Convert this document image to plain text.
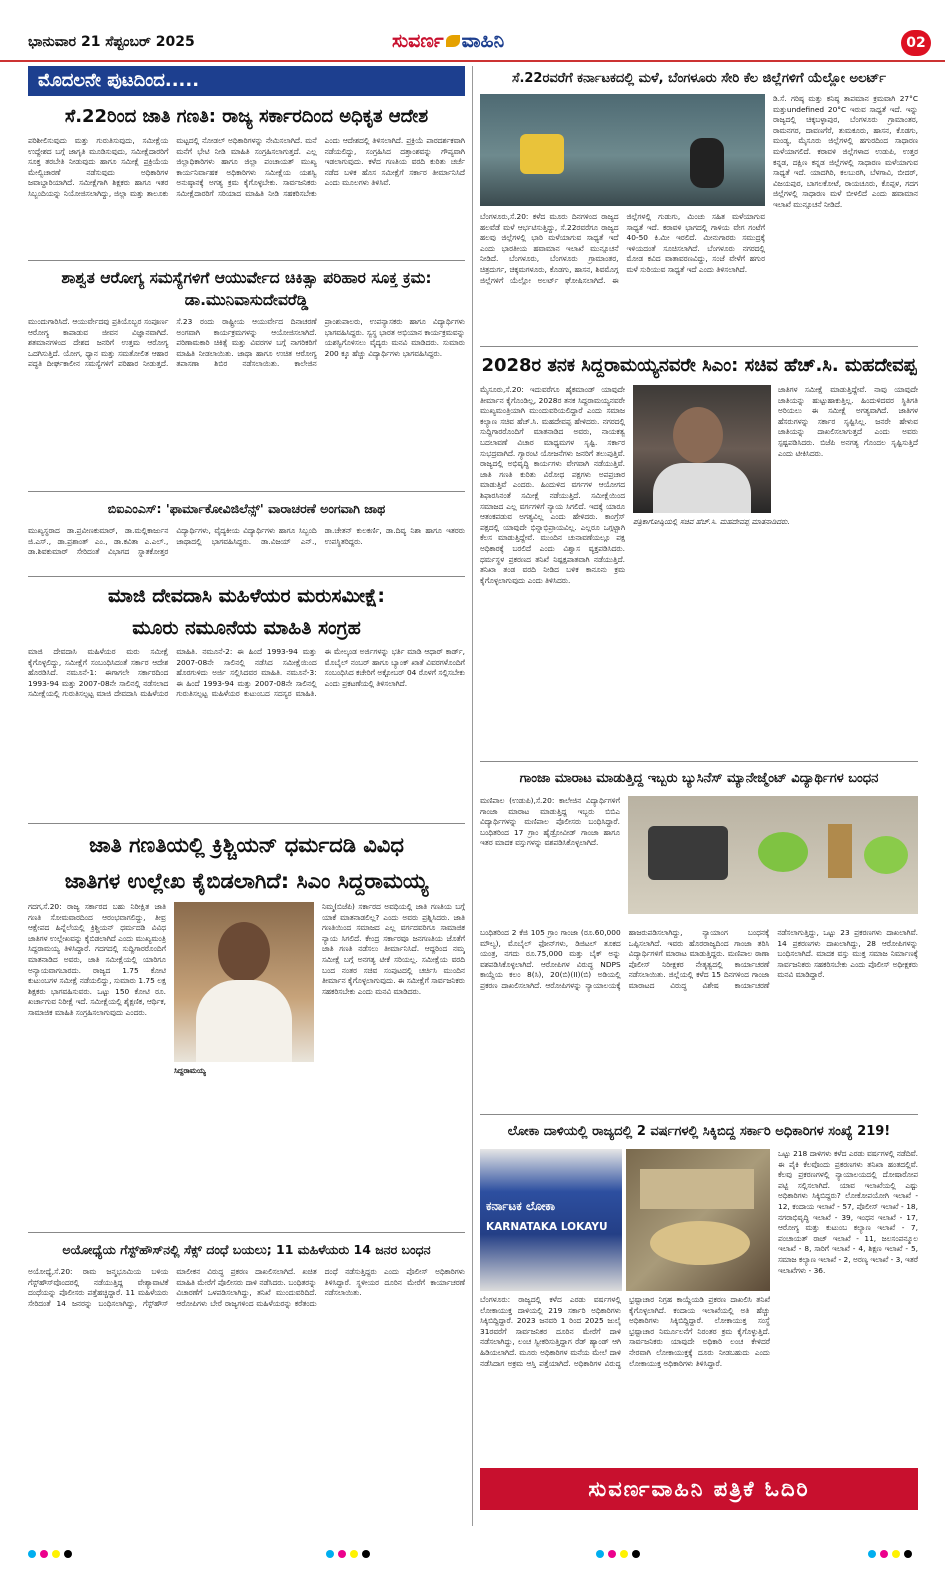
ಭಾನುವಾರ 21 ಸೆಪ್ಟಂಬರ್ 2025	ಸುವರ್ಣ ವಾಹಿನಿ	02
ಮೊದಲನೇ ಪುಟದಿಂದ.....
ಸೆ.22ರಿಂದ ಜಾತಿ ಗಣತಿ: ರಾಜ್ಯ ಸರ್ಕಾರದಿಂದ ಅಧಿಕೃತ ಆದೇಶ
ಪರಿಶೀಲಿಸುವುದು ಮತ್ತು ಗುರುತಿಸುವುದು, ಸಮೀಕ್ಷೆಯ ಉದ್ದೇಶದ ಬಗ್ಗೆ ಜಾಗೃತಿ ಮೂಡಿಸುವುದು, ಸಮೀಕ್ಷೆದಾರರಿಗೆ ಸೂಕ್ತ ತರಬೇತಿ ನೀಡುವುದು ಹಾಗೂ ಸಮೀಕ್ಷೆ ಪ್ರಕ್ರಿಯೆಯ ಮೇಲ್ವಿಚಾರಣೆ ನಡೆಸುವುದು ಅಧಿಕಾರಿಗಳ ಜವಾಬ್ದಾರಿಯಾಗಿದೆ. ಸಮೀಕ್ಷೆಗಾಗಿ ಶಿಕ್ಷಕರು ಹಾಗೂ ಇತರ ಸಿಬ್ಬಂದಿಯನ್ನು ನಿಯೋಜಿಸಲಾಗಿದ್ದು, ಜಿಲ್ಲಾ ಮತ್ತು ತಾಲೂಕು ಮಟ್ಟದಲ್ಲಿ ನೋಡಲ್ ಅಧಿಕಾರಿಗಳನ್ನು ನೇಮಿಸಲಾಗಿದೆ. ಮನೆ ಮನೆಗೆ ಭೇಟಿ ನೀಡಿ ಮಾಹಿತಿ ಸಂಗ್ರಹಿಸಲಾಗುತ್ತದೆ. ಎಲ್ಲ ಜಿಲ್ಲಾಧಿಕಾರಿಗಳು ಹಾಗೂ ಜಿಲ್ಲಾ ಪಂಚಾಯತ್ ಮುಖ್ಯ ಕಾರ್ಯನಿರ್ವಾಹಕ ಅಧಿಕಾರಿಗಳು ಸಮೀಕ್ಷೆಯ ಯಶಸ್ವಿ ಅನುಷ್ಠಾನಕ್ಕೆ ಅಗತ್ಯ ಕ್ರಮ ಕೈಗೊಳ್ಳಬೇಕು. ಸಾರ್ವಜನಿಕರು ಸಮೀಕ್ಷೆದಾರರಿಗೆ ಸರಿಯಾದ ಮಾಹಿತಿ ನೀಡಿ ಸಹಕರಿಸಬೇಕು ಎಂದು ಆದೇಶದಲ್ಲಿ ತಿಳಿಸಲಾಗಿದೆ. ಪ್ರಕ್ರಿಯೆ ಪಾರದರ್ಶಕವಾಗಿ ನಡೆಯಲಿದ್ದು, ಸಂಗ್ರಹಿಸಿದ ದತ್ತಾಂಶವನ್ನು ಗೌಪ್ಯವಾಗಿ ಇಡಲಾಗುವುದು. ಕಳೆದ ಗಣತಿಯ ವರದಿ ಕುರಿತು ಚರ್ಚೆ ನಡೆದ ಬಳಿಕ ಹೊಸ ಸಮೀಕ್ಷೆಗೆ ಸರ್ಕಾರ ತೀರ್ಮಾನಿಸಿದೆ ಎಂದು ಮೂಲಗಳು ತಿಳಿಸಿವೆ.
ಶಾಶ್ವತ ಆರೋಗ್ಯ ಸಮಸ್ಯೆಗಳಿಗೆ ಆಯುರ್ವೇದ ಚಿಕಿತ್ಸಾ ಪರಿಹಾರ ಸೂಕ್ತ ಕ್ರಮ: ಡಾ.ಮುನಿವಾಸುದೇವರೆಡ್ಡಿ
ಮುಂದುಗಾರಿಸಿದೆ. ಆಯುರ್ವೇದವು ಪ್ರತಿಯೊಬ್ಬರ ಸಂಪೂರ್ಣ ಆರೋಗ್ಯ ಕಾಪಾಡುವ ಜೀವನ ವಿಜ್ಞಾನವಾಗಿದೆ. ಶತಮಾನಗಳಿಂದ ದೇಶದ ಜನರಿಗೆ ಉತ್ತಮ ಆರೋಗ್ಯ ಒದಗಿಸುತ್ತಿದೆ. ಯೋಗ, ಧ್ಯಾನ ಮತ್ತು ಸಮತೋಲಿತ ಆಹಾರ ಪದ್ಧತಿ ದೀರ್ಘಕಾಲೀನ ಸಮಸ್ಯೆಗಳಿಗೆ ಪರಿಹಾರ ನೀಡುತ್ತದೆ. ಸೆ.23 ರಂದು ರಾಷ್ಟ್ರೀಯ ಆಯುರ್ವೇದ ದಿನಾಚರಣೆ ಅಂಗವಾಗಿ ಕಾರ್ಯಕ್ರಮಗಳನ್ನು ಆಯೋಜಿಸಲಾಗಿದೆ. ಪರಿಣಾಮಕಾರಿ ಚಿಕಿತ್ಸೆ ಮತ್ತು ವಿವರಗಳ ಬಗ್ಗೆ ನಾಗರಿಕರಿಗೆ ಮಾಹಿತಿ ನೀಡಲಾಯಿತು. ಜಾಥಾ ಹಾಗೂ ಉಚಿತ ಆರೋಗ್ಯ ತಪಾಸಣಾ ಶಿಬಿರ ನಡೆಸಲಾಯಿತು. ಕಾಲೇಜಿನ ಪ್ರಾಂಶುಪಾಲರು, ಉಪನ್ಯಾಸಕರು ಹಾಗೂ ವಿದ್ಯಾರ್ಥಿಗಳು ಭಾಗವಹಿಸಿದ್ದರು. ಸ್ವಸ್ಥ ಭಾರತ ಅಭಿಯಾನ ಕಾರ್ಯಕ್ರಮವನ್ನು ಯಶಸ್ವಿಗೊಳಿಸಲು ವೈದ್ಯರು ಮನವಿ ಮಾಡಿದರು. ಸುಮಾರು 200 ಕ್ಕೂ ಹೆಚ್ಚು ವಿದ್ಯಾರ್ಥಿಗಳು ಭಾಗವಹಿಸಿದ್ದರು.
ಬಿಐಎಂಎಸ್: 'ಫಾರ್ಮಾಕೋವಿಜಿಲೆನ್ಸ್' ವಾರಾಚರಣೆ ಅಂಗವಾಗಿ ಜಾಥ
ಮುಖ್ಯಸ್ಥರಾದ ಡಾ.ಪ್ರವೀಣಕುಮಾರ್, ಡಾ.ಮಲ್ಲಿಕಾರ್ಜುನ ಜಿ.ಎಸ್., ಡಾ.ಪ್ರಶಾಂತ್ ಎಂ., ಡಾ.ಕವಿತಾ ಎ.ಎಲ್., ಡಾ.ಶಿವಕುಮಾರ್ ಸೇರಿದಂತೆ ವಿಭಾಗದ ಸ್ನಾತಕೋತ್ತರ ವಿದ್ಯಾರ್ಥಿಗಳು, ವೈದ್ಯಕೀಯ ವಿದ್ಯಾರ್ಥಿಗಳು ಹಾಗೂ ಸಿಬ್ಬಂದಿ ಜಾಥಾದಲ್ಲಿ ಭಾಗವಹಿಸಿದ್ದರು. ಡಾ.ವಿಜಯ್ ಎನ್., ಡಾ.ಚೇತನ್ ಕುಲಕರ್ಣಿ, ಡಾ.ದಿವ್ಯ ನಿಶಾ ಹಾಗೂ ಇತರರು ಉಪಸ್ಥಿತರಿದ್ದರು.
ಮಾಜಿ ದೇವದಾಸಿ ಮಹಿಳೆಯರ ಮರುಸಮೀಕ್ಷೆ:
ಮೂರು ನಮೂನೆಯ ಮಾಹಿತಿ ಸಂಗ್ರಹ
ಮಾಜಿ ದೇವದಾಸಿ ಮಹಿಳೆಯರ ಮರು ಸಮೀಕ್ಷೆ ಕೈಗೊಳ್ಳಲಿದ್ದು, ಸಮೀಕ್ಷೆಗೆ ಸಂಬಂಧಿಸಿದಂತೆ ಸರ್ಕಾರ ಆದೇಶ ಹೊರಡಿಸಿದೆ. ನಮೂನೆ-1: ಈಗಾಗಲೇ ಸರ್ಕಾರದಿಂದ 1993-94 ಮತ್ತು 2007-08ನೇ ಸಾಲಿನಲ್ಲಿ ನಡೆಸಲಾದ ಸಮೀಕ್ಷೆಯಲ್ಲಿ ಗುರುತಿಸಲ್ಪಟ್ಟ ಮಾಜಿ ದೇವದಾಸಿ ಮಹಿಳೆಯರ ಮಾಹಿತಿ. ನಮೂನೆ-2: ಈ ಹಿಂದೆ 1993-94 ಮತ್ತು 2007-08ನೇ ಸಾಲಿನಲ್ಲಿ ನಡೆಸಿದ ಸಮೀಕ್ಷೆಯಿಂದ ಹೊರಗುಳಿದು ಅರ್ಜಿ ಸಲ್ಲಿಸಿದವರ ಮಾಹಿತಿ. ನಮೂನೆ-3: ಈ ಹಿಂದೆ 1993-94 ಮತ್ತು 2007-08ನೇ ಸಾಲಿನಲ್ಲಿ ಗುರುತಿಸಲ್ಪಟ್ಟ ಮಹಿಳೆಯರ ಕುಟುಂಬದ ಸದಸ್ಯರ ಮಾಹಿತಿ. ಈ ಮೇಲ್ಕಂಡ ಅರ್ಜಿಗಳನ್ನು ಭರ್ತಿ ಮಾಡಿ ಆಧಾರ್ ಕಾರ್ಡ್, ಮೊಬೈಲ್ ನಂಬರ್ ಹಾಗೂ ಬ್ಯಾಂಕ್ ಖಾತೆ ವಿವರಗಳೊಂದಿಗೆ ಸಂಬಂಧಿಸಿದ ಕಚೇರಿಗೆ ಅಕ್ಟೋಬರ್ 04 ರೊಳಗೆ ಸಲ್ಲಿಸಬೇಕು ಎಂದು ಪ್ರಕಟಣೆಯಲ್ಲಿ ತಿಳಿಸಲಾಗಿದೆ.
ಜಾತಿ ಗಣತಿಯಲ್ಲಿ ಕ್ರಿಶ್ಚಿಯನ್ ಧರ್ಮದಡಿ ವಿವಿಧ
ಜಾತಿಗಳ ಉಲ್ಲೇಖ ಕೈಬಿಡಲಾಗಿದೆ: ಸಿಎಂ ಸಿದ್ದರಾಮಯ್ಯ
ಗದಗ,ಸೆ.20: ರಾಜ್ಯ ಸರ್ಕಾರದ ಬಹು ನಿರೀಕ್ಷಿತ ಜಾತಿ ಗಣತಿ ಸೋಮವಾರದಿಂದ ಆರಂಭವಾಗಲಿದ್ದು, ತೀವ್ರ ಆಕ್ಷೇಪದ ಹಿನ್ನೆಲೆಯಲ್ಲಿ ಕ್ರಿಶ್ಚಿಯನ್ ಧರ್ಮದಡಿ ವಿವಿಧ ಜಾತಿಗಳ ಉಲ್ಲೇಖವನ್ನು ಕೈಬಿಡಲಾಗಿದೆ ಎಂದು ಮುಖ್ಯಮಂತ್ರಿ ಸಿದ್ದರಾಮಯ್ಯ ತಿಳಿಸಿದ್ದಾರೆ. ಗದಗದಲ್ಲಿ ಸುದ್ದಿಗಾರರೊಂದಿಗೆ ಮಾತನಾಡಿದ ಅವರು, ಜಾತಿ ಸಮೀಕ್ಷೆಯಲ್ಲಿ ಯಾರಿಗೂ ಅನ್ಯಾಯವಾಗಬಾರದು. ರಾಜ್ಯದ 1.75 ಕೋಟಿ ಕುಟುಂಬಗಳ ಸಮೀಕ್ಷೆ ನಡೆಯಲಿದ್ದು, ಸುಮಾರು 1.75 ಲಕ್ಷ ಶಿಕ್ಷಕರು ಭಾಗವಹಿಸುವರು. ಒಟ್ಟು 150 ಕೋಟಿ ರೂ. ಖರ್ಚಾಗುವ ನಿರೀಕ್ಷೆ ಇದೆ. ಸಮೀಕ್ಷೆಯಲ್ಲಿ ಶೈಕ್ಷಣಿಕ, ಆರ್ಥಿಕ, ಸಾಮಾಜಿಕ ಮಾಹಿತಿ ಸಂಗ್ರಹಿಸಲಾಗುವುದು ಎಂದರು.
ಸಿದ್ದರಾಮಯ್ಯ
ನಿಮ್ಮ(ಬಿಜೆಪಿ) ಸರ್ಕಾರದ ಅವಧಿಯಲ್ಲಿ ಜಾತಿ ಗಣತಿಯ ಬಗ್ಗೆ ಯಾಕೆ ಮಾತನಾಡಲಿಲ್ಲ? ಎಂದು ಅವರು ಪ್ರಶ್ನಿಸಿದರು. ಜಾತಿ ಗಣತಿಯಿಂದ ಸಮಾಜದ ಎಲ್ಲ ವರ್ಗದವರಿಗೂ ಸಾಮಾಜಿಕ ನ್ಯಾಯ ಸಿಗಲಿದೆ. ಕೇಂದ್ರ ಸರ್ಕಾರವೂ ಜನಗಣತಿಯ ಜೊತೆಗೆ ಜಾತಿ ಗಣತಿ ನಡೆಸಲು ತೀರ್ಮಾನಿಸಿದೆ. ಆದ್ದರಿಂದ ನಮ್ಮ ಸಮೀಕ್ಷೆ ಬಗ್ಗೆ ಅನಗತ್ಯ ಟೀಕೆ ಸರಿಯಲ್ಲ. ಸಮೀಕ್ಷೆಯ ವರದಿ ಬಂದ ನಂತರ ಸಚಿವ ಸಂಪುಟದಲ್ಲಿ ಚರ್ಚಿಸಿ ಮುಂದಿನ ತೀರ್ಮಾನ ಕೈಗೊಳ್ಳಲಾಗುವುದು. ಈ ಸಮೀಕ್ಷೆಗೆ ಸಾರ್ವಜನಿಕರು ಸಹಕರಿಸಬೇಕು ಎಂದು ಮನವಿ ಮಾಡಿದರು.
ಅಯೋಧ್ಯೆಯ ಗೆಸ್ಟ್‌ಹೌಸ್‌ನಲ್ಲಿ ಸೆಕ್ಸ್ ದಂಧೆ ಬಯಲು; 11 ಮಹಿಳೆಯರು 14 ಜನರ ಬಂಧನ
ಅಯೋಧ್ಯೆ,ಸೆ.20: ರಾಮ ಜನ್ಮಭೂಮಿಯ ಬಳಿಯ ಗೆಸ್ಟ್‌ಹೌಸ್‌ವೊಂದರಲ್ಲಿ ನಡೆಯುತ್ತಿದ್ದ ವೇಶ್ಯಾವಾಟಿಕೆ ದಂಧೆಯನ್ನು ಪೊಲೀಸರು ಪತ್ತೆಹಚ್ಚಿದ್ದಾರೆ. 11 ಮಹಿಳೆಯರು ಸೇರಿದಂತೆ 14 ಜನರನ್ನು ಬಂಧಿಸಲಾಗಿದ್ದು, ಗೆಸ್ಟ್‌ಹೌಸ್ ಮಾಲೀಕನ ವಿರುದ್ಧ ಪ್ರಕರಣ ದಾಖಲಿಸಲಾಗಿದೆ. ಖಚಿತ ಮಾಹಿತಿ ಮೇರೆಗೆ ಪೊಲೀಸರು ದಾಳಿ ನಡೆಸಿದರು. ಬಂಧಿತರನ್ನು ವಿಚಾರಣೆಗೆ ಒಳಪಡಿಸಲಾಗಿದ್ದು, ತನಿಖೆ ಮುಂದುವರಿದಿದೆ. ಆರೋಪಿಗಳು ಬೇರೆ ರಾಜ್ಯಗಳಿಂದ ಮಹಿಳೆಯರನ್ನು ಕರೆತಂದು ದಂಧೆ ನಡೆಸುತ್ತಿದ್ದರು ಎಂದು ಪೊಲೀಸ್ ಅಧಿಕಾರಿಗಳು ತಿಳಿಸಿದ್ದಾರೆ. ಸ್ಥಳೀಯರ ದೂರಿನ ಮೇರೆಗೆ ಕಾರ್ಯಾಚರಣೆ ನಡೆಸಲಾಯಿತು.
ಸೆ.22ರವರೆಗೆ ಕರ್ನಾಟಕದಲ್ಲಿ ಮಳೆ, ಬೆಂಗಳೂರು ಸೇರಿ ಕೆಲ ಜಿಲ್ಲೆಗಳಿಗೆ ಯೆಲ್ಲೋ ಅಲರ್ಟ್
ಬೆಂಗಳೂರು,ಸೆ.20: ಕಳೆದ ಮೂರು ದಿನಗಳಿಂದ ರಾಜ್ಯದ ಹಲವೆಡೆ ಮಳೆ ಆರ್ಭಟಿಸುತ್ತಿದ್ದು, ಸೆ.22ರವರೆಗೂ ರಾಜ್ಯದ ಹಲವು ಜಿಲ್ಲೆಗಳಲ್ಲಿ ಭಾರಿ ಮಳೆಯಾಗುವ ಸಾಧ್ಯತೆ ಇದೆ ಎಂದು ಭಾರತೀಯ ಹವಾಮಾನ ಇಲಾಖೆ ಮುನ್ಸೂಚನೆ ನೀಡಿದೆ. ಬೆಂಗಳೂರು, ಬೆಂಗಳೂರು ಗ್ರಾಮಾಂತರ, ಚಿತ್ರದುರ್ಗ, ಚಿಕ್ಕಮಗಳೂರು, ಕೊಡಗು, ಹಾಸನ, ಶಿವಮೊಗ್ಗ ಜಿಲ್ಲೆಗಳಿಗೆ ಯೆಲ್ಲೋ ಅಲರ್ಟ್ ಘೋಷಿಸಲಾಗಿದೆ. ಈ ಜಿಲ್ಲೆಗಳಲ್ಲಿ ಗುಡುಗು, ಮಿಂಚು ಸಹಿತ ಮಳೆಯಾಗುವ ಸಾಧ್ಯತೆ ಇದೆ. ಕರಾವಳಿ ಭಾಗದಲ್ಲಿ ಗಾಳಿಯ ವೇಗ ಗಂಟೆಗೆ 40-50 ಕಿ.ಮೀ ಇರಲಿದೆ. ಮೀನುಗಾರರು ಸಮುದ್ರಕ್ಕೆ ಇಳಿಯದಂತೆ ಸೂಚಿಸಲಾಗಿದೆ. ಬೆಂಗಳೂರು ನಗರದಲ್ಲಿ ಮೋಡ ಕವಿದ ವಾತಾವರಣವಿದ್ದು, ಸಂಜೆ ವೇಳೆಗೆ ಹಗುರ ಮಳೆ ಸುರಿಯುವ ಸಾಧ್ಯತೆ ಇದೆ ಎಂದು ತಿಳಿಸಲಾಗಿದೆ.
ಡಿ.ಸೆ. ಗರಿಷ್ಠ ಮತ್ತು ಕನಿಷ್ಠ ತಾಪಮಾನ ಕ್ರಮವಾಗಿ 27°C ಮತ್ತುundefined 20°C ಇರುವ ಸಾಧ್ಯತೆ ಇದೆ. ಇನ್ನು ರಾಜ್ಯದಲ್ಲಿ ಚಿಕ್ಕಬಳ್ಳಾಪುರ, ಬೆಂಗಳೂರು ಗ್ರಾಮಾಂತರ, ರಾಮನಗರ, ದಾವಣಗೆರೆ, ತುಮಕೂರು, ಹಾಸನ, ಕೊಡಗು, ಮಂಡ್ಯ, ಮೈಸೂರು ಜಿಲ್ಲೆಗಳಲ್ಲಿ ಹಗುರದಿಂದ ಸಾಧಾರಣ ಮಳೆಯಾಗಲಿದೆ. ಕರಾವಳಿ ಜಿಲ್ಲೆಗಳಾದ ಉಡುಪಿ, ಉತ್ತರ ಕನ್ನಡ, ದಕ್ಷಿಣ ಕನ್ನಡ ಜಿಲ್ಲೆಗಳಲ್ಲಿ ಸಾಧಾರಣ ಮಳೆಯಾಗುವ ಸಾಧ್ಯತೆ ಇದೆ. ಯಾದಗಿರಿ, ಕಲಬುರಗಿ, ಬೆಳಗಾವಿ, ಬೀದರ್, ವಿಜಯಪುರ, ಬಾಗಲಕೋಟೆ, ರಾಯಚೂರು, ಕೊಪ್ಪಳ, ಗದಗ ಜಿಲ್ಲೆಗಳಲ್ಲಿ ಸಾಧಾರಣ ಮಳೆ ಬೀಳಲಿದೆ ಎಂದು ಹವಾಮಾನ ಇಲಾಖೆ ಮುನ್ಸೂಚನೆ ನೀಡಿದೆ.
2028ರ ತನಕ ಸಿದ್ದರಾಮಯ್ಯನವರೇ ಸಿಎಂ: ಸಚಿವ ಹೆಚ್.ಸಿ. ಮಹದೇವಪ್ಪ
ಮೈಸೂರು,ಸೆ.20: ಇದುವರೆಗೂ ಹೈಕಮಾಂಡ್ ಯಾವುದೇ ತೀರ್ಮಾನ ಕೈಗೊಂಡಿಲ್ಲ, 2028ರ ತನಕ ಸಿದ್ದರಾಮಯ್ಯನವರೇ ಮುಖ್ಯಮಂತ್ರಿಯಾಗಿ ಮುಂದುವರಿಯಲಿದ್ದಾರೆ ಎಂದು ಸಮಾಜ ಕಲ್ಯಾಣ ಸಚಿವ ಹೆಚ್.ಸಿ. ಮಹದೇವಪ್ಪ ಹೇಳಿದರು. ನಗರದಲ್ಲಿ ಸುದ್ದಿಗಾರರೊಂದಿಗೆ ಮಾತನಾಡಿದ ಅವರು, ನಾಯಕತ್ವ ಬದಲಾವಣೆ ವಿಚಾರ ಮಾಧ್ಯಮಗಳ ಸೃಷ್ಟಿ. ಸರ್ಕಾರ ಸುಭದ್ರವಾಗಿದೆ. ಗ್ಯಾರಂಟಿ ಯೋಜನೆಗಳು ಜನರಿಗೆ ತಲುಪುತ್ತಿವೆ. ರಾಜ್ಯದಲ್ಲಿ ಅಭಿವೃದ್ಧಿ ಕಾರ್ಯಗಳು ವೇಗವಾಗಿ ನಡೆಯುತ್ತಿವೆ. ಜಾತಿ ಗಣತಿ ಕುರಿತು ವಿರೋಧ ಪಕ್ಷಗಳು ಅಪಪ್ರಚಾರ ಮಾಡುತ್ತಿವೆ ಎಂದರು. ಹಿಂದುಳಿದ ವರ್ಗಗಳ ಆಯೋಗದ ಶಿಫಾರಸಿನಂತೆ ಸಮೀಕ್ಷೆ ನಡೆಯುತ್ತಿದೆ. ಸಮೀಕ್ಷೆಯಿಂದ ಸಮಾಜದ ಎಲ್ಲ ವರ್ಗಗಳಿಗೆ ನ್ಯಾಯ ಸಿಗಲಿದೆ. ಇದಕ್ಕೆ ಯಾರೂ ಆತಂಕಪಡುವ ಅಗತ್ಯವಿಲ್ಲ ಎಂದು ಹೇಳಿದರು. ಕಾಂಗ್ರೆಸ್ ಪಕ್ಷದಲ್ಲಿ ಯಾವುದೇ ಭಿನ್ನಾಭಿಪ್ರಾಯವಿಲ್ಲ. ಎಲ್ಲರೂ ಒಗ್ಗಟ್ಟಾಗಿ ಕೆಲಸ ಮಾಡುತ್ತಿದ್ದೇವೆ. ಮುಂದಿನ ಚುನಾವಣೆಯಲ್ಲೂ ಪಕ್ಷ ಅಧಿಕಾರಕ್ಕೆ ಬರಲಿದೆ ಎಂದು ವಿಶ್ವಾಸ ವ್ಯಕ್ತಪಡಿಸಿದರು. ಧರ್ಮಸ್ಥಳ ಪ್ರಕರಣದ ತನಿಖೆ ನಿಷ್ಪಕ್ಷಪಾತವಾಗಿ ನಡೆಯುತ್ತಿದೆ. ತನಿಖಾ ತಂಡ ವರದಿ ನೀಡಿದ ಬಳಿಕ ಕಾನೂನು ಕ್ರಮ ಕೈಗೊಳ್ಳಲಾಗುವುದು ಎಂದು ತಿಳಿಸಿದರು.
ಜಾತಿಗಳ ಸಮೀಕ್ಷೆ ಮಾಡುತ್ತಿದ್ದೇವೆ. ನಾವು ಯಾವುದೇ ಜಾತಿಯನ್ನು ಹುಟ್ಟುಹಾಕುತ್ತಿಲ್ಲ. ಹಿಂದುಳಿದವರ ಸ್ಥಿತಿಗತಿ ಅರಿಯಲು ಈ ಸಮೀಕ್ಷೆ ಅಗತ್ಯವಾಗಿದೆ. ಜಾತಿಗಳ ಹೆಸರುಗಳನ್ನು ಸರ್ಕಾರ ಸೃಷ್ಟಿಸಿಲ್ಲ. ಜನರೇ ಹೇಳುವ ಜಾತಿಯನ್ನು ದಾಖಲಿಸಲಾಗುತ್ತದೆ ಎಂದು ಅವರು ಸ್ಪಷ್ಟಪಡಿಸಿದರು. ಬಿಜೆಪಿ ಅನಗತ್ಯ ಗೊಂದಲ ಸೃಷ್ಟಿಸುತ್ತಿದೆ ಎಂದು ಟೀಕಿಸಿದರು.
ಪತ್ರಿಕಾಗೋಷ್ಠಿಯಲ್ಲಿ ಸಚಿವ ಹೆಚ್.ಸಿ. ಮಹದೇವಪ್ಪ ಮಾತನಾಡಿದರು.
ಗಾಂಜಾ ಮಾರಾಟ ಮಾಡುತ್ತಿದ್ದ ಇಬ್ಬರು ಬ್ಯುಸಿನೆಸ್ ಮ್ಯಾನೇಜ್ಮೆಂಟ್ ವಿದ್ಯಾರ್ಥಿಗಳ ಬಂಧನ
ಮಣಿಪಾಲ (ಉಡುಪಿ),ಸೆ.20: ಕಾಲೇಜಿನ ವಿದ್ಯಾರ್ಥಿಗಳಿಗೆ ಗಾಂಜಾ ಮಾರಾಟ ಮಾಡುತ್ತಿದ್ದ ಇಬ್ಬರು ಬಿಬಿಎ ವಿದ್ಯಾರ್ಥಿಗಳನ್ನು ಮಣಿಪಾಲ ಪೊಲೀಸರು ಬಂಧಿಸಿದ್ದಾರೆ. ಬಂಧಿತರಿಂದ 17 ಗ್ರಾಂ ಹೈಡ್ರೋವೀಡ್ ಗಾಂಜಾ ಹಾಗೂ ಇತರ ಮಾದಕ ವಸ್ತುಗಳನ್ನು ವಶಪಡಿಸಿಕೊಳ್ಳಲಾಗಿದೆ.
ಬಂಧಿತರಿಂದ 2 ಕೆಜಿ 105 ಗ್ರಾಂ ಗಾಂಜಾ (ರೂ.60,000 ಮೌಲ್ಯ), ಮೊಬೈಲ್ ಫೋನ್‌ಗಳು, ಡಿಜಿಟಲ್ ತೂಕದ ಯಂತ್ರ, ನಗದು ರೂ.75,000 ಮತ್ತು ಬೈಕ್ ಅನ್ನು ವಶಪಡಿಸಿಕೊಳ್ಳಲಾಗಿದೆ. ಆರೋಪಿಗಳ ವಿರುದ್ಧ NDPS ಕಾಯ್ದೆಯ ಕಲಂ 8(ಸಿ), 20(ಬಿ)(II)(ಬಿ) ಅಡಿಯಲ್ಲಿ ಪ್ರಕರಣ ದಾಖಲಿಸಲಾಗಿದೆ. ಆರೋಪಿಗಳನ್ನು ನ್ಯಾಯಾಲಯಕ್ಕೆ ಹಾಜರುಪಡಿಸಲಾಗಿದ್ದು, ನ್ಯಾಯಾಂಗ ಬಂಧನಕ್ಕೆ ಒಪ್ಪಿಸಲಾಗಿದೆ. ಇವರು ಹೊರರಾಜ್ಯದಿಂದ ಗಾಂಜಾ ತರಿಸಿ ವಿದ್ಯಾರ್ಥಿಗಳಿಗೆ ಮಾರಾಟ ಮಾಡುತ್ತಿದ್ದರು. ಮಣಿಪಾಲ ಠಾಣಾ ಪೊಲೀಸ್ ನಿರೀಕ್ಷಕರ ನೇತೃತ್ವದಲ್ಲಿ ಕಾರ್ಯಾಚರಣೆ ನಡೆಸಲಾಯಿತು. ಜಿಲ್ಲೆಯಲ್ಲಿ ಕಳೆದ 15 ದಿನಗಳಿಂದ ಗಾಂಜಾ ಮಾರಾಟದ ವಿರುದ್ಧ ವಿಶೇಷ ಕಾರ್ಯಾಚರಣೆ ನಡೆಸಲಾಗುತ್ತಿದ್ದು, ಒಟ್ಟು 23 ಪ್ರಕರಣಗಳು ದಾಖಲಾಗಿವೆ. 14 ಪ್ರಕರಣಗಳು ದಾಖಲಾಗಿದ್ದು, 28 ಆರೋಪಿಗಳನ್ನು ಬಂಧಿಸಲಾಗಿದೆ. ಮಾದಕ ವಸ್ತು ಮುಕ್ತ ಸಮಾಜ ನಿರ್ಮಾಣಕ್ಕೆ ಸಾರ್ವಜನಿಕರು ಸಹಕರಿಸಬೇಕು ಎಂದು ಪೊಲೀಸ್ ಅಧೀಕ್ಷಕರು ಮನವಿ ಮಾಡಿದ್ದಾರೆ.
ಲೋಕಾ ದಾಳಿಯಲ್ಲಿ ರಾಜ್ಯದಲ್ಲಿ 2 ವರ್ಷಗಳಲ್ಲಿ ಸಿಕ್ಕಿಬಿದ್ದ ಸರ್ಕಾರಿ ಅಧಿಕಾರಿಗಳ ಸಂಖ್ಯೆ 219!
ಕರ್ನಾಟಕ ಲೋಕಾ
KARNATAKA LOKAYU
ಬೆಂಗಳೂರು: ರಾಜ್ಯದಲ್ಲಿ ಕಳೆದ ಎರಡು ವರ್ಷಗಳಲ್ಲಿ ಲೋಕಾಯುಕ್ತ ದಾಳಿಯಲ್ಲಿ 219 ಸರ್ಕಾರಿ ಅಧಿಕಾರಿಗಳು ಸಿಕ್ಕಿಬಿದ್ದಿದ್ದಾರೆ. 2023 ಜನವರಿ 1 ರಿಂದ 2025 ಜುಲೈ 31ರವರೆಗೆ ಸಾರ್ವಜನಿಕರ ದೂರಿನ ಮೇರೆಗೆ ದಾಳಿ ನಡೆಸಲಾಗಿದ್ದು, ಲಂಚ ಸ್ವೀಕರಿಸುತ್ತಿದ್ದಾಗ ರೆಡ್ ಹ್ಯಾಂಡ್ ಆಗಿ ಹಿಡಿಯಲಾಗಿದೆ. ಮೂರು ಅಧಿಕಾರಿಗಳ ಮನೆಯ ಮೇಲೆ ದಾಳಿ ನಡೆಸಿದಾಗ ಅಕ್ರಮ ಆಸ್ತಿ ಪತ್ತೆಯಾಗಿದೆ. ಅಧಿಕಾರಿಗಳ ವಿರುದ್ಧ ಭ್ರಷ್ಟಾಚಾರ ನಿಗ್ರಹ ಕಾಯ್ದೆಯಡಿ ಪ್ರಕರಣ ದಾಖಲಿಸಿ ತನಿಖೆ ಕೈಗೊಳ್ಳಲಾಗಿದೆ. ಕಂದಾಯ ಇಲಾಖೆಯಲ್ಲಿ ಅತಿ ಹೆಚ್ಚು ಅಧಿಕಾರಿಗಳು ಸಿಕ್ಕಿಬಿದ್ದಿದ್ದಾರೆ. ಲೋಕಾಯುಕ್ತ ಸಂಸ್ಥೆ ಭ್ರಷ್ಟಾಚಾರ ನಿರ್ಮೂಲನೆಗೆ ನಿರಂತರ ಕ್ರಮ ಕೈಗೊಳ್ಳುತ್ತಿದೆ. ಸಾರ್ವಜನಿಕರು ಯಾವುದೇ ಅಧಿಕಾರಿ ಲಂಚ ಕೇಳಿದರೆ ನೇರವಾಗಿ ಲೋಕಾಯುಕ್ತಕ್ಕೆ ದೂರು ನೀಡಬಹುದು ಎಂದು ಲೋಕಾಯುಕ್ತ ಅಧಿಕಾರಿಗಳು ತಿಳಿಸಿದ್ದಾರೆ.
ಒಟ್ಟು 218 ದಾಳಿಗಳು ಕಳೆದ ಎರಡು ವರ್ಷಗಳಲ್ಲಿ ನಡೆದಿವೆ. ಈ ಪೈಕಿ ಕೆಲವೊಂದು ಪ್ರಕರಣಗಳು ತನಿಖಾ ಹಂತದಲ್ಲಿವೆ. ಕೆಲವು ಪ್ರಕರಣಗಳಲ್ಲಿ ನ್ಯಾಯಾಲಯದಲ್ಲಿ ದೋಷಾರೋಪ ಪಟ್ಟಿ ಸಲ್ಲಿಸಲಾಗಿದೆ. ಯಾವ ಇಲಾಖೆಯಲ್ಲಿ ಎಷ್ಟು ಅಧಿಕಾರಿಗಳು ಸಿಕ್ಕಿಬಿದ್ದರು? ಲೋಕೋಪಯೋಗಿ ಇಲಾಖೆ - 12, ಕಂದಾಯ ಇಲಾಖೆ - 57, ಪೊಲೀಸ್ ಇಲಾಖೆ - 18, ನಗರಾಭಿವೃದ್ಧಿ ಇಲಾಖೆ - 39, ಇಂಧನ ಇಲಾಖೆ - 17, ಆರೋಗ್ಯ ಮತ್ತು ಕುಟುಂಬ ಕಲ್ಯಾಣ ಇಲಾಖೆ - 7, ಪಂಚಾಯತ್ ರಾಜ್ ಇಲಾಖೆ - 11, ಜಲಸಂಪನ್ಮೂಲ ಇಲಾಖೆ - 8, ಸಾರಿಗೆ ಇಲಾಖೆ - 4, ಶಿಕ್ಷಣ ಇಲಾಖೆ - 5, ಸಮಾಜ ಕಲ್ಯಾಣ ಇಲಾಖೆ - 2, ಅರಣ್ಯ ಇಲಾಖೆ - 3, ಇತರೆ ಇಲಾಖೆಗಳು - 36.
ಸುವರ್ಣವಾಹಿನಿ ಪತ್ರಿಕೆ ಓದಿರಿ
